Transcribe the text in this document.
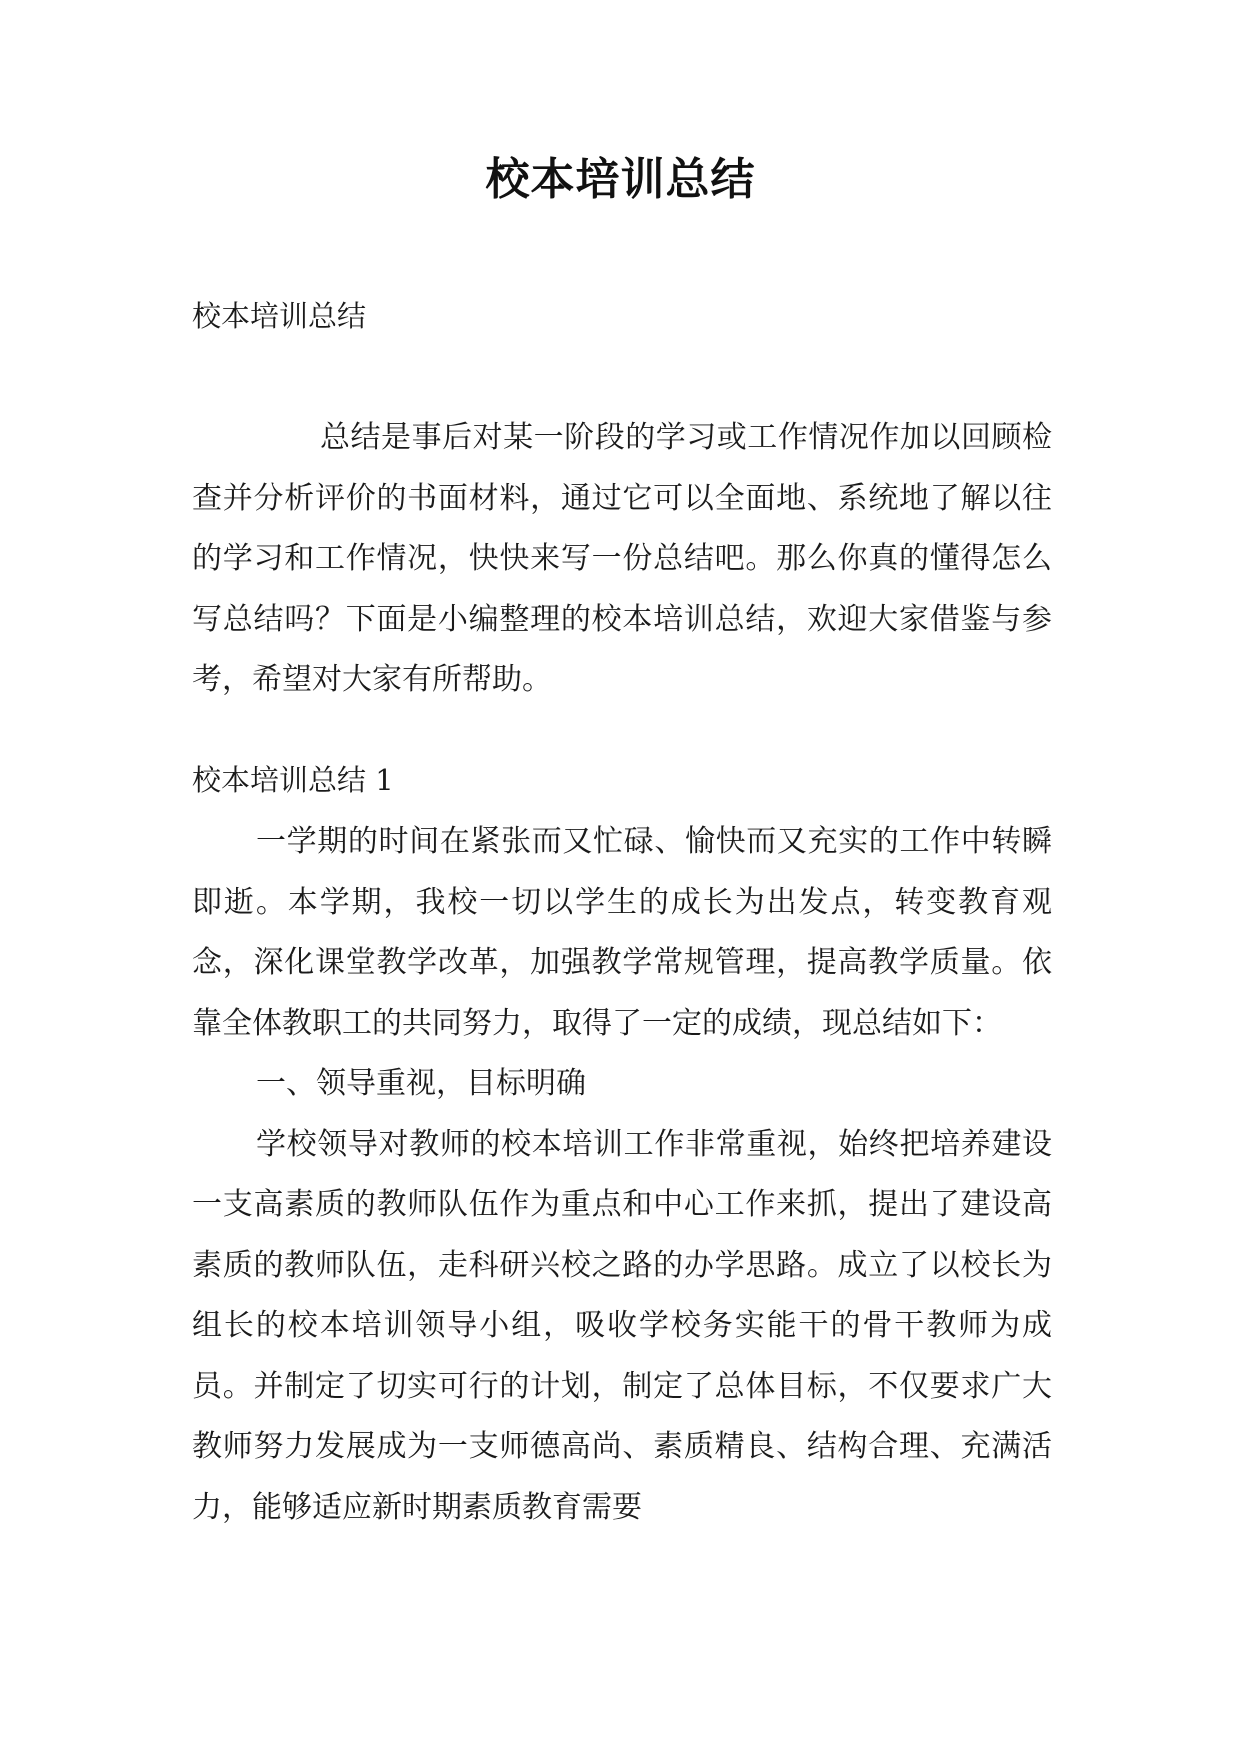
校本培训总结
校本培训总结

总结是事后对某一阶段的学习或工作情况作加以回顾检查并分析评价的书面材料，通过它可以全面地、系统地了解以往的学习和工作情况，快快来写一份总结吧。那么你真的懂得怎么写总结吗？下面是小编整理的校本培训总结，欢迎大家借鉴与参考，希望对大家有所帮助。

校本培训总结 1

一学期的时间在紧张而又忙碌、愉快而又充实的工作中转瞬即逝。本学期，我校一切以学生的成长为出发点，转变教育观念，深化课堂教学改革，加强教学常规管理，提高教学质量。依靠全体教职工的共同努力，取得了一定的成绩，现总结如下：

一、领导重视，目标明确

学校领导对教师的校本培训工作非常重视，始终把培养建设一支高素质的教师队伍作为重点和中心工作来抓，提出了建设高素质的教师队伍，走科研兴校之路的办学思路。成立了以校长为组长的校本培训领导小组，吸收学校务实能干的骨干教师为成员。并制定了切实可行的计划，制定了总体目标，不仅要求广大教师努力发展成为一支师德高尚、素质精良、结构合理、充满活力，能够适应新时期素质教育需要
